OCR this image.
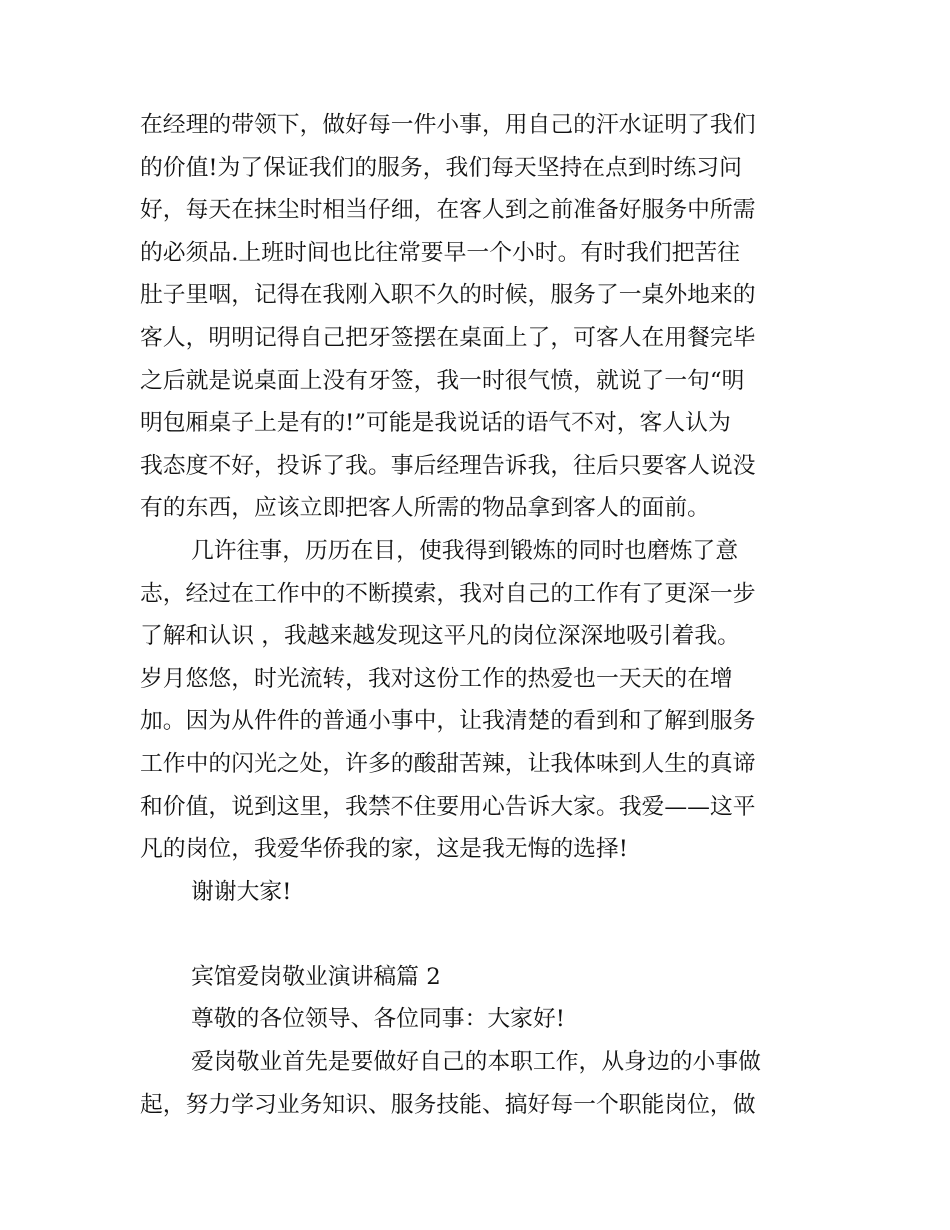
在经理的带领下，做好每一件小事，用自己的汗水证明了我们
的价值!为了保证我们的服务，我们每天坚持在点到时练习问
好，每天在抹尘时相当仔细，在客人到之前准备好服务中所需
的必须品.上班时间也比往常要早一个小时。有时我们把苦往
肚子里咽，记得在我刚入职不久的时候，服务了一桌外地来的
客人，明明记得自己把牙签摆在桌面上了，可客人在用餐完毕
之后就是说桌面上没有牙签，我一时很气愤，就说了一句“明
明包厢桌子上是有的!”可能是我说话的语气不对，客人认为
我态度不好，投诉了我。事后经理告诉我，往后只要客人说没
有的东西，应该立即把客人所需的物品拿到客人的面前。
几许往事，历历在目，使我得到锻炼的同时也磨炼了意
志，经过在工作中的不断摸索，我对自己的工作有了更深一步
了解和认识 ，我越来越发现这平凡的岗位深深地吸引着我。
岁月悠悠，时光流转，我对这份工作的热爱也一天天的在增
加。因为从件件的普通小事中，让我清楚的看到和了解到服务
工作中的闪光之处，许多的酸甜苦辣，让我体味到人生的真谛
和价值，说到这里，我禁不住要用心告诉大家。我爱——这平
凡的岗位，我爱华侨我的家，这是我无悔的选择!
谢谢大家!
宾馆爱岗敬业演讲稿篇 2
尊敬的各位领导、各位同事：大家好!
爱岗敬业首先是要做好自己的本职工作，从身边的小事做
起，努力学习业务知识、服务技能、搞好每一个职能岗位，做
